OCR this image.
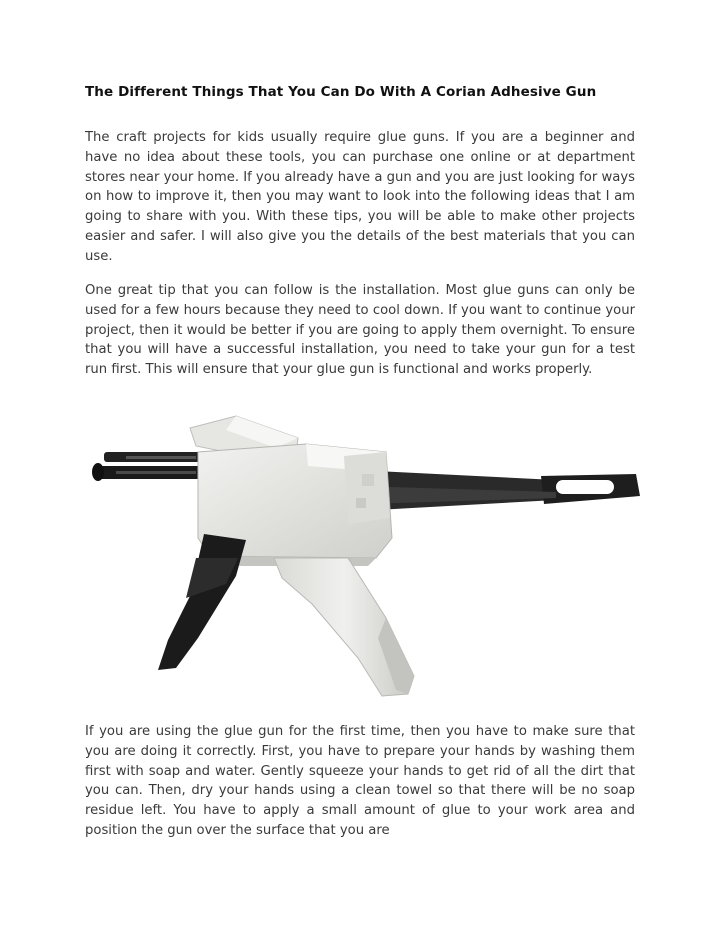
The Different Things That You Can Do With A Corian Adhesive Gun

The craft projects for kids usually require glue guns. If you are a beginner and have no idea about these tools, you can purchase one online or at department stores near your home. If you already have a gun and you are just looking for ways on how to improve it, then you may want to look into the following ideas that I am going to share with you. With these tips, you will be able to make other projects easier and safer. I will also give you the details of the best materials that you can use.

One great tip that you can follow is the installation. Most glue guns can only be used for a few hours because they need to cool down. If you want to continue your project, then it would be better if you are going to apply them overnight. To ensure that you will have a successful installation, you need to take your gun for a test run first. This will ensure that your glue gun is functional and works properly.

If you are using the glue gun for the first time, then you have to make sure that you are doing it correctly. First, you have to prepare your hands by washing them first with soap and water. Gently squeeze your hands to get rid of all the dirt that you can. Then, dry your hands using a clean towel so that there will be no soap residue left. You have to apply a small amount of glue to your work area and position the gun over the surface that you are
